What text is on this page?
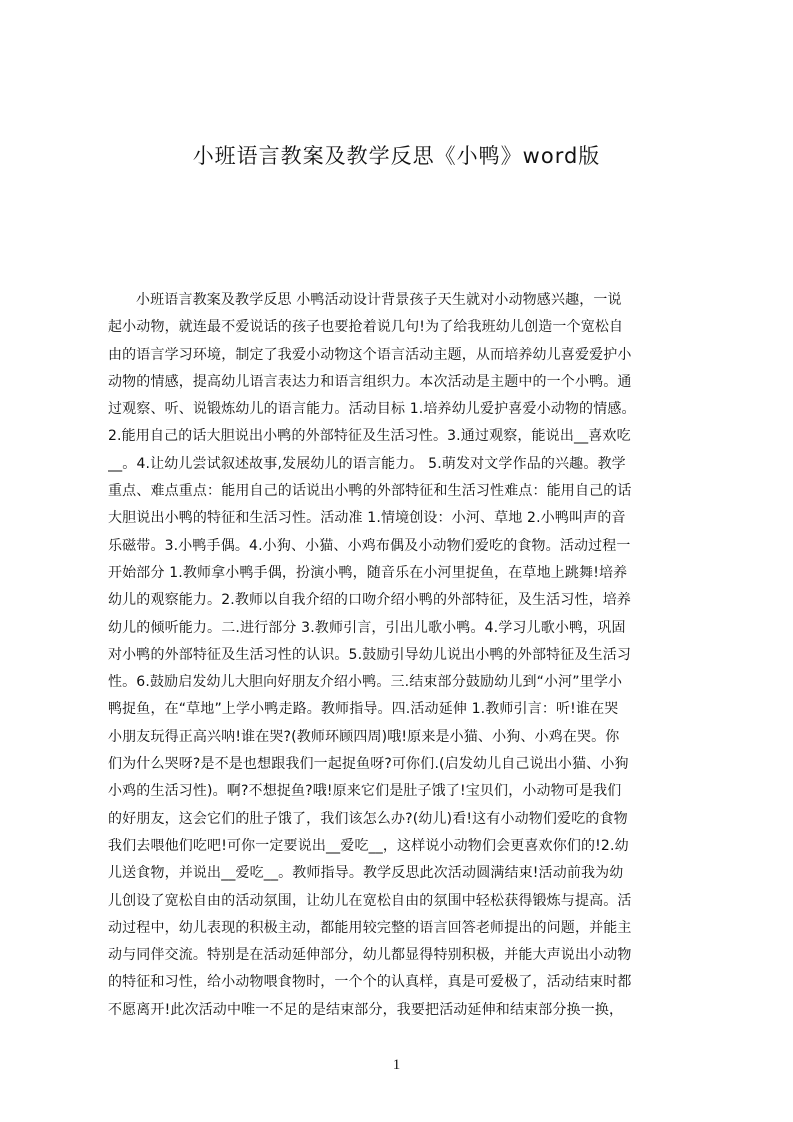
小班语言教案及教学反思《小鸭》word版
小班语言教案及教学反思 小鸭活动设计背景孩子天生就对小动物感兴趣，一说
起小动物，就连最不爱说话的孩子也要抢着说几句!为了给我班幼儿创造一个宽松自
由的语言学习环境，制定了我爱小动物这个语言活动主题，从而培养幼儿喜爱爱护小
动物的情感，提高幼儿语言表达力和语言组织力。本次活动是主题中的一个小鸭。通
过观察、听、说锻炼幼儿的语言能力。活动目标 1.培养幼儿爱护喜爱小动物的情感。
2.能用自己的话大胆说出小鸭的外部特征及生活习性。3.通过观察，能说出__喜欢吃
__。4.让幼儿尝试叙述故事,发展幼儿的语言能力。 5.萌发对文学作品的兴趣。教学
重点、难点重点：能用自己的话说出小鸭的外部特征和生活习性难点：能用自己的话
大胆说出小鸭的特征和生活习性。活动准 1.情境创设：小河、草地 2.小鸭叫声的音
乐磁带。3.小鸭手偶。4.小狗、小猫、小鸡布偶及小动物们爱吃的食物。活动过程一
开始部分 1.教师拿小鸭手偶，扮演小鸭，随音乐在小河里捉鱼，在草地上跳舞!培养
幼儿的观察能力。2.教师以自我介绍的口吻介绍小鸭的外部特征，及生活习性，培养
幼儿的倾听能力。二.进行部分 3.教师引言，引出儿歌小鸭。4.学习儿歌小鸭，巩固
对小鸭的外部特征及生活习性的认识。5.鼓励引导幼儿说出小鸭的外部特征及生活习
性。6.鼓励启发幼儿大胆向好朋友介绍小鸭。三.结束部分鼓励幼儿到“小河”里学小
鸭捉鱼，在“草地”上学小鸭走路。教师指导。四.活动延伸 1.教师引言：听!谁在哭
小朋友玩得正高兴呐!谁在哭?(教师环顾四周)哦!原来是小猫、小狗、小鸡在哭。你
们为什么哭呀?是不是也想跟我们一起捉鱼呀?可你们.(启发幼儿自己说出小猫、小狗
小鸡的生活习性)。啊?不想捉鱼?哦!原来它们是肚子饿了!宝贝们，小动物可是我们
的好朋友，这会它们的肚子饿了，我们该怎么办?(幼儿)看!这有小动物们爱吃的食物
我们去喂他们吃吧!可你一定要说出__爱吃__，这样说小动物们会更喜欢你们的!2.幼
儿送食物，并说出__爱吃__。教师指导。教学反思此次活动圆满结束!活动前我为幼
儿创设了宽松自由的活动氛围，让幼儿在宽松自由的氛围中轻松获得锻炼与提高。活
动过程中，幼儿表现的积极主动，都能用较完整的语言回答老师提出的问题，并能主
动与同伴交流。特别是在活动延伸部分，幼儿都显得特别积极，并能大声说出小动物
的特征和习性，给小动物喂食物时，一个个的认真样，真是可爱极了，活动结束时都
不愿离开!此次活动中唯一不足的是结束部分，我要把活动延伸和结束部分换一换，
1
